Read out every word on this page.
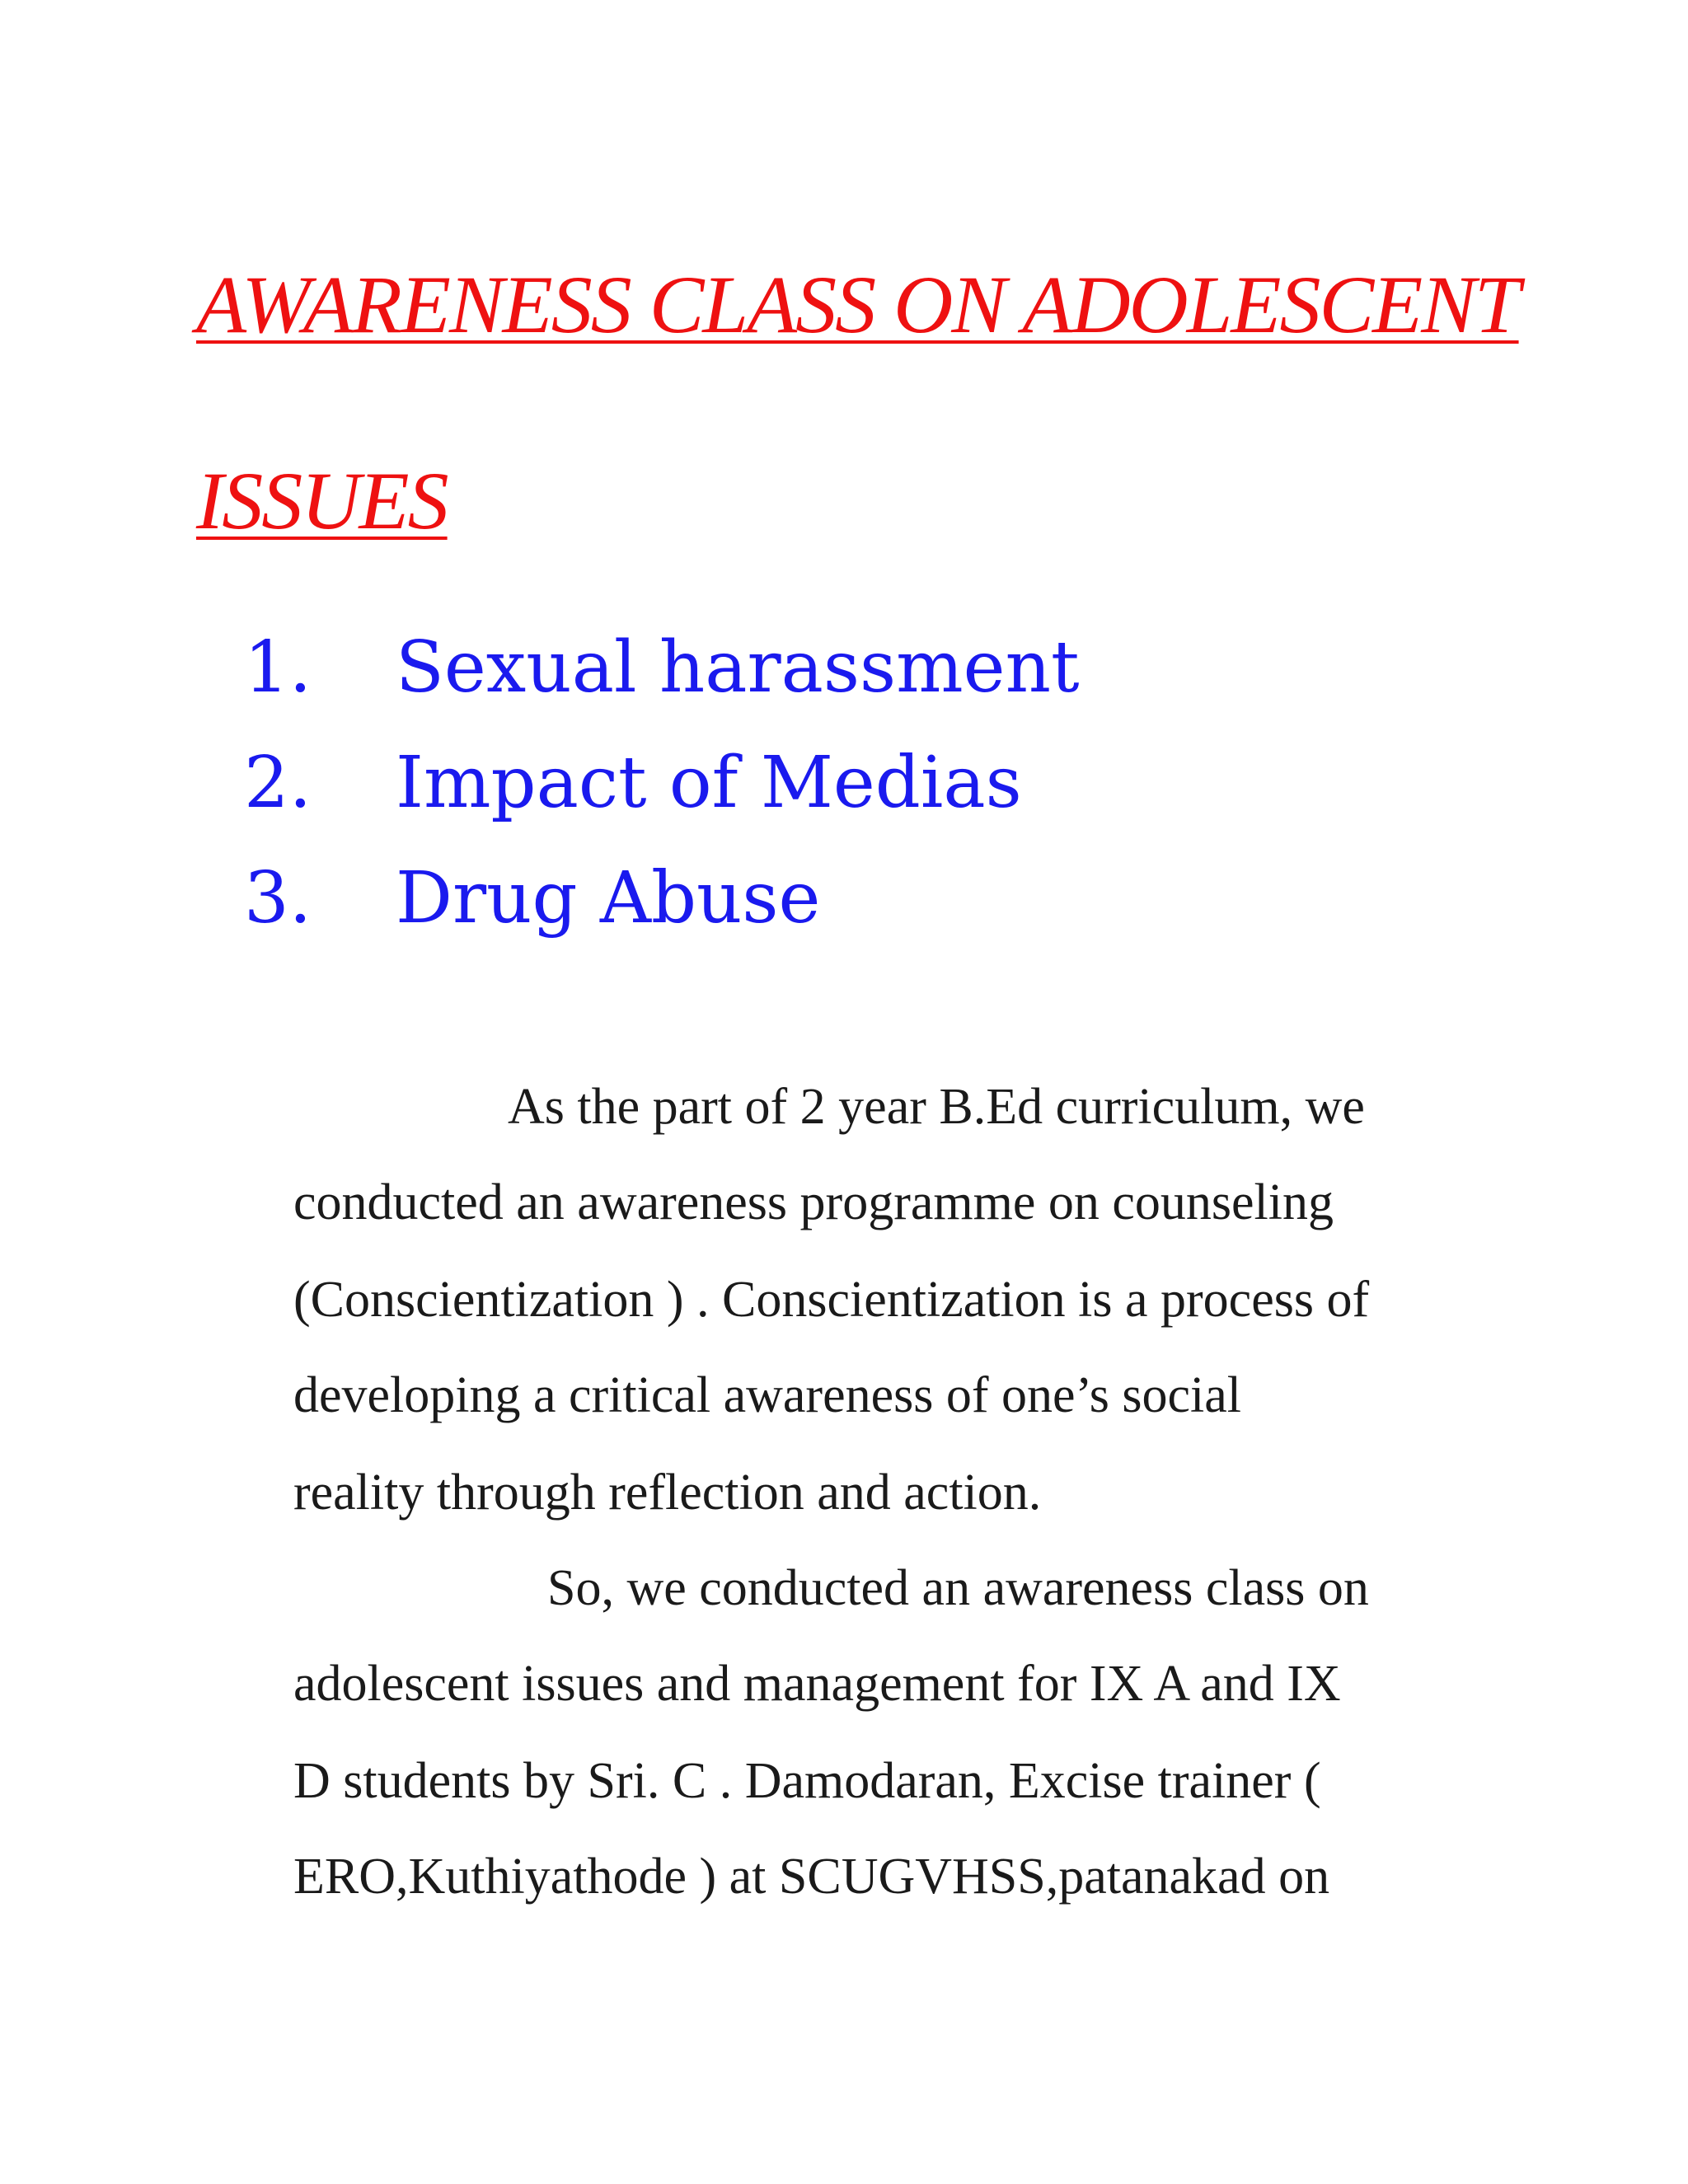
AWARENESS CLASS ON ADOLESCENT
ISSUES
1.	Sexual harassment
2.	Impact of Medias
3.	Drug Abuse
As the part of 2 year B.Ed curriculum, we
conducted an awareness programme on counseling
(Conscientization ) . Conscientization is a process of
developing a critical awareness of one’s social
reality through reflection and action.
So, we conducted an awareness class on
adolescent issues and management for IX A and IX
D students by Sri. C . Damodaran, Excise trainer (
ERO,Kuthiyathode ) at SCUGVHSS,patanakad on
